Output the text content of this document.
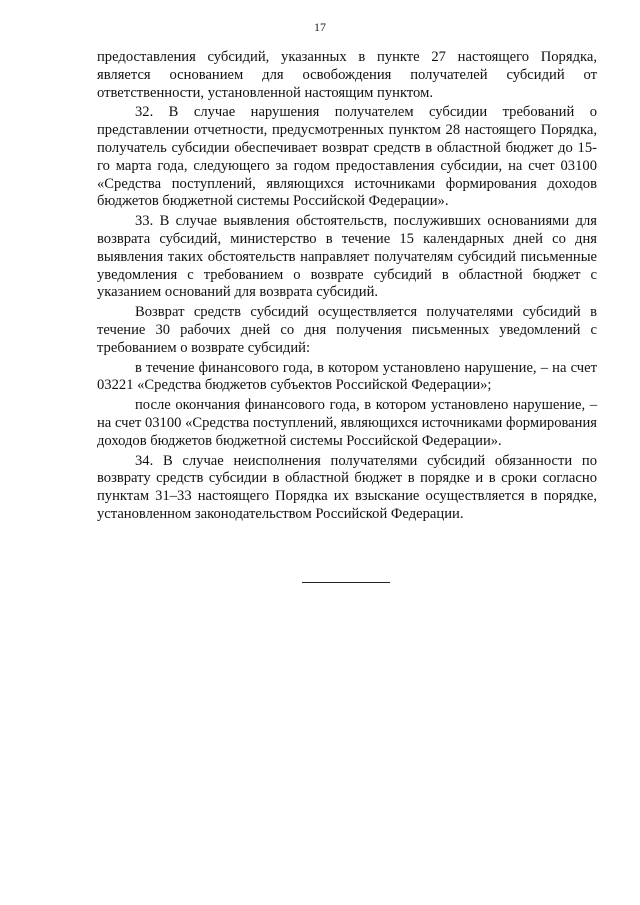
17

предоставления субсидий, указанных в пункте 27 настоящего Порядка, является основанием для освобождения получателей субсидий от ответственности, установленной настоящим пунктом.

32. В случае нарушения получателем субсидии требований о представлении отчетности, предусмотренных пунктом 28 настоящего Порядка, получатель субсидии обеспечивает возврат средств в областной бюджет до 15-го марта года, следующего за годом предоставления субсидии, на счет 03100 «Средства поступлений, являющихся источниками формирования доходов бюджетов бюджетной системы Российской Федерации».

33. В случае выявления обстоятельств, послуживших основаниями для возврата субсидий, министерство в течение 15 календарных дней со дня выявления таких обстоятельств направляет получателям субсидий письменные уведомления с требованием о возврате субсидий в областной бюджет с указанием оснований для возврата субсидий.

Возврат средств субсидий осуществляется получателями субсидий в течение 30 рабочих дней со дня получения письменных уведомлений с требованием о возврате субсидий:

в течение финансового года, в котором установлено нарушение, – на счет 03221 «Средства бюджетов субъектов Российской Федерации»;

после окончания финансового года, в котором установлено нарушение, – на счет 03100 «Средства поступлений, являющихся источниками формирования доходов бюджетов бюджетной системы Российской Федерации».

34. В случае неисполнения получателями субсидий обязанности по возврату средств субсидии в областной бюджет в порядке и в сроки согласно пунктам 31–33 настоящего Порядка их взыскание осуществляется в порядке, установленном законодательством Российской Федерации.
